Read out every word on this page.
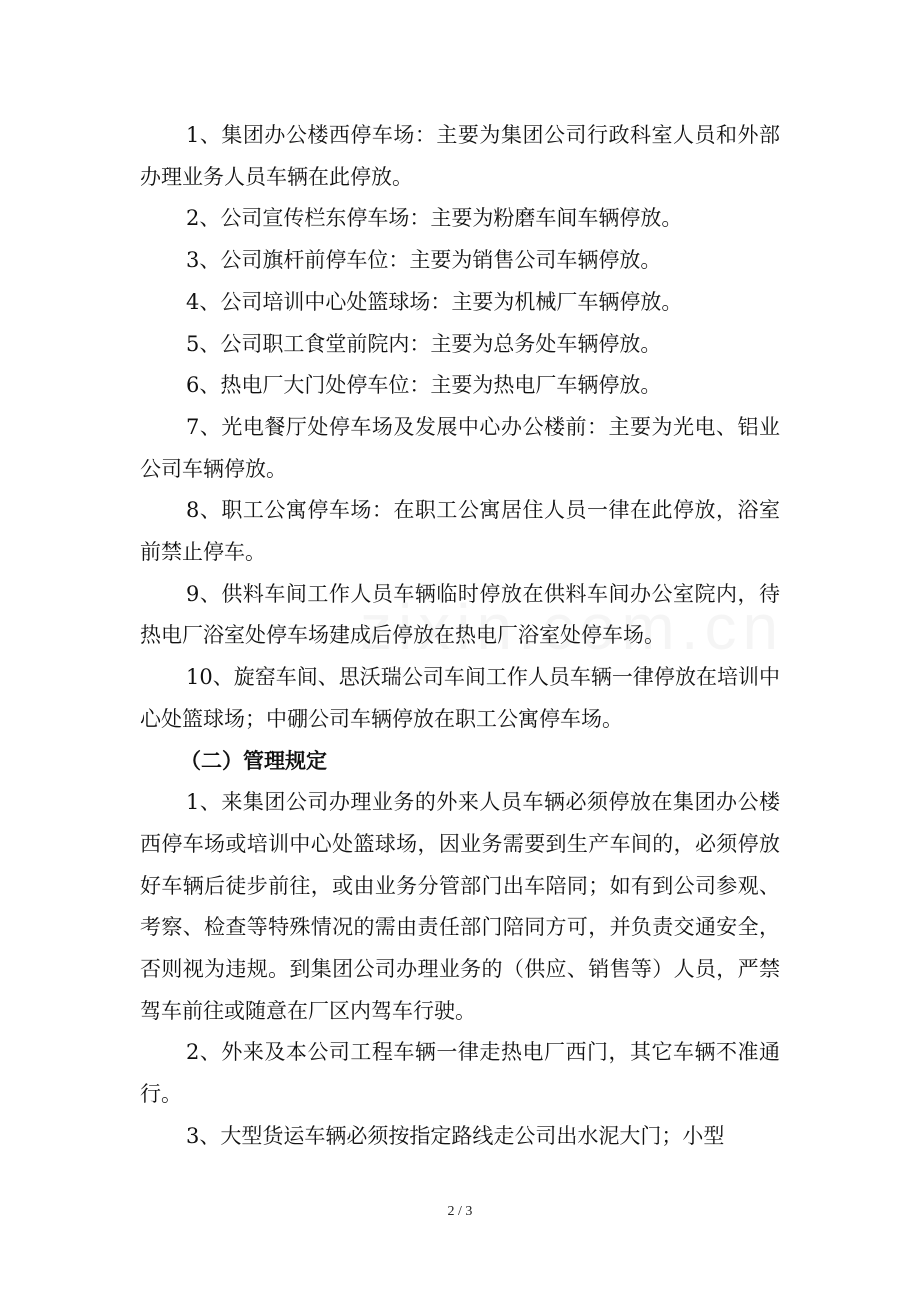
1、集团办公楼西停车场：主要为集团公司行政科室人员和外部办理业务人员车辆在此停放。

2、公司宣传栏东停车场：主要为粉磨车间车辆停放。

3、公司旗杆前停车位：主要为销售公司车辆停放。

4、公司培训中心处篮球场：主要为机械厂车辆停放。

5、公司职工食堂前院内：主要为总务处车辆停放。

6、热电厂大门处停车位：主要为热电厂车辆停放。

7、光电餐厅处停车场及发展中心办公楼前：主要为光电、铝业公司车辆停放。

8、职工公寓停车场：在职工公寓居住人员一律在此停放，浴室前禁止停车。

9、供料车间工作人员车辆临时停放在供料车间办公室院内，待热电厂浴室处停车场建成后停放在热电厂浴室处停车场。

10、旋窑车间、思沃瑞公司车间工作人员车辆一律停放在培训中心处篮球场；中硼公司车辆停放在职工公寓停车场。

（二）管理规定

1、来集团公司办理业务的外来人员车辆必须停放在集团办公楼西停车场或培训中心处篮球场，因业务需要到生产车间的，必须停放好车辆后徒步前往，或由业务分管部门出车陪同；如有到公司参观、考察、检查等特殊情况的需由责任部门陪同方可，并负责交通安全，否则视为违规。到集团公司办理业务的（供应、销售等）人员，严禁驾车前往或随意在厂区内驾车行驶。

2、外来及本公司工程车辆一律走热电厂西门，其它车辆不准通行。

3、大型货运车辆必须按指定路线走公司出水泥大门；小型

2 / 3
